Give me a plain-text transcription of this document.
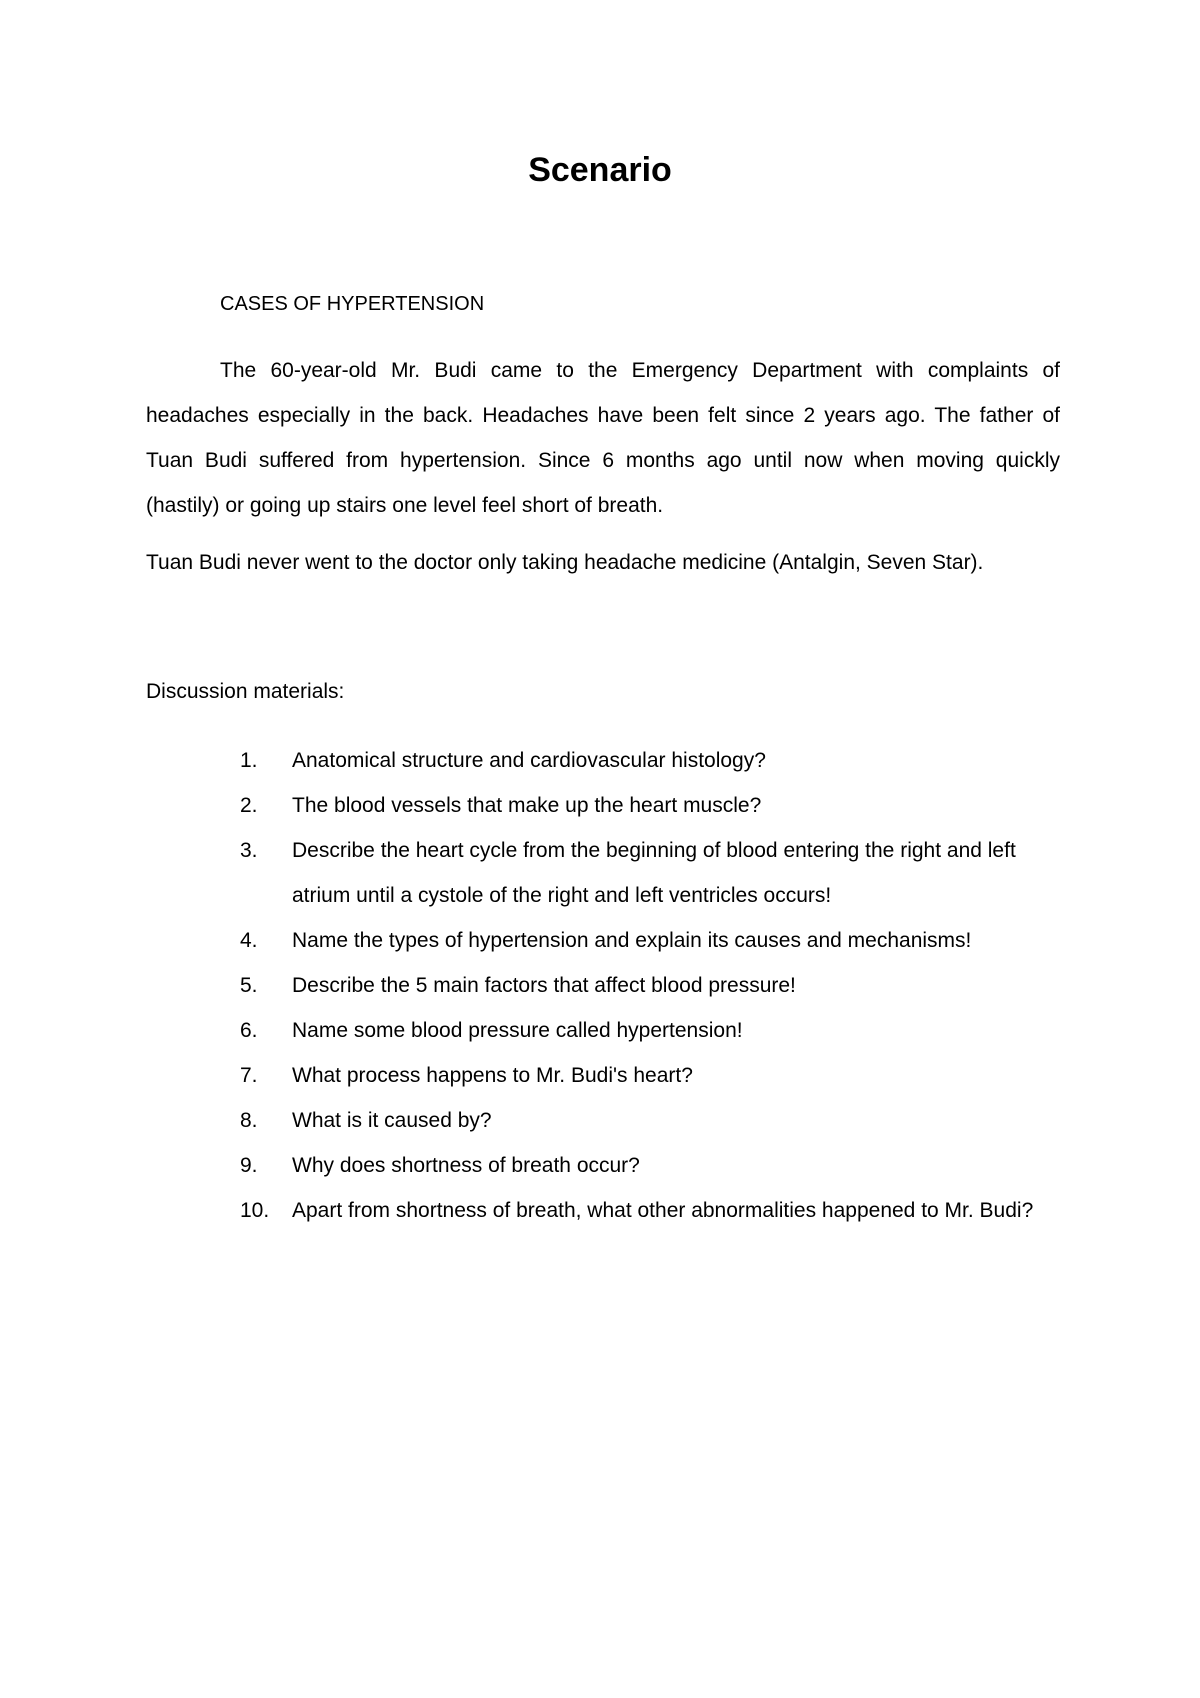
Scenario
CASES OF HYPERTENSION
The 60-year-old Mr. Budi came to the Emergency Department with complaints of headaches especially in the back. Headaches have been felt since 2 years ago. The father of Tuan Budi suffered from hypertension. Since 6 months ago until now when moving quickly (hastily) or going up stairs one level feel short of breath.
Tuan Budi never went to the doctor only taking headache medicine (Antalgin, Seven Star).
Discussion materials:
1.	Anatomical structure and cardiovascular histology?
2.	The blood vessels that make up the heart muscle?
3.	Describe the heart cycle from the beginning of blood entering the right and left atrium until a cystole of the right and left ventricles occurs!
4.	Name the types of hypertension and explain its causes and mechanisms!
5.	Describe the 5 main factors that affect blood pressure!
6.	Name some blood pressure called hypertension!
7.	What process happens to Mr. Budi's heart?
8.	What is it caused by?
9.	Why does shortness of breath occur?
10.	Apart from shortness of breath, what other abnormalities happened to Mr. Budi?
